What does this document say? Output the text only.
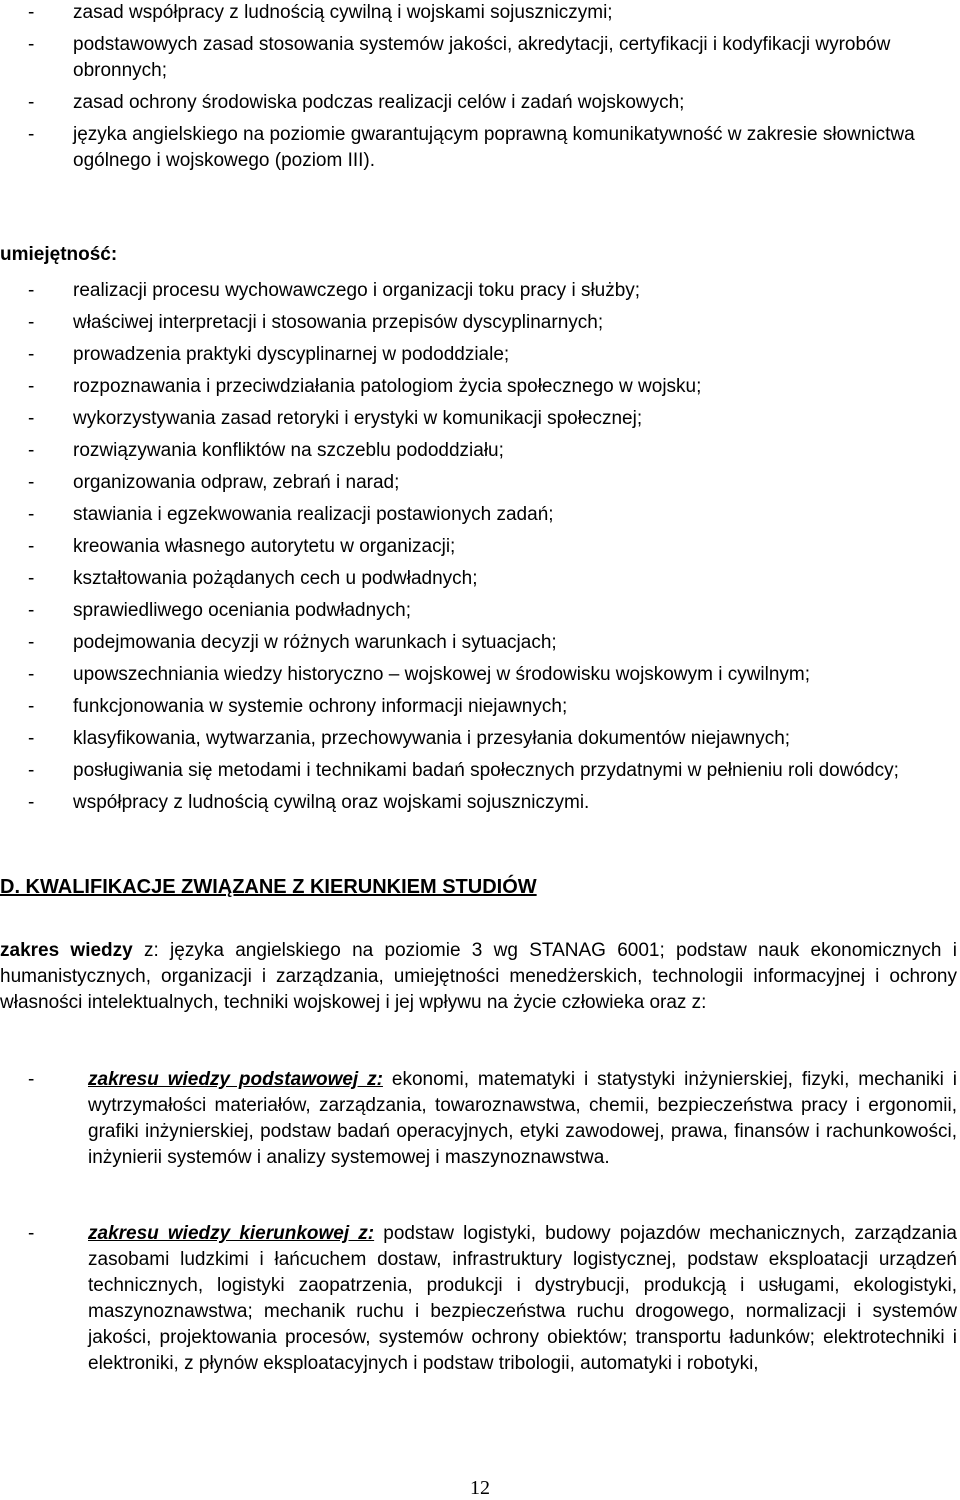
- zasad współpracy z ludnością cywilną i wojskami sojuszniczymi;
- podstawowych zasad stosowania systemów jakości, akredytacji, certyfikacji i kodyfikacji wyrobów obronnych;
- zasad ochrony środowiska podczas realizacji celów i zadań wojskowych;
- języka angielskiego na poziomie gwarantującym poprawną komunikatywność w zakresie słownictwa ogólnego i wojskowego (poziom III).
umiejętność:
- realizacji procesu wychowawczego i organizacji toku pracy i służby;
- właściwej interpretacji i stosowania przepisów dyscyplinarnych;
- prowadzenia praktyki dyscyplinarnej w pododdziale;
- rozpoznawania i przeciwdziałania patologiom życia społecznego w wojsku;
- wykorzystywania zasad retoryki i erystyki w komunikacji społecznej;
- rozwiązywania konfliktów na szczeblu pododdziału;
- organizowania odpraw, zebrań i narad;
- stawiania i egzekwowania realizacji postawionych zadań;
- kreowania własnego autorytetu w organizacji;
- kształtowania pożądanych cech u podwładnych;
- sprawiedliwego oceniania podwładnych;
- podejmowania decyzji w różnych warunkach i sytuacjach;
- upowszechniania wiedzy historyczno – wojskowej w środowisku wojskowym i cywilnym;
- funkcjonowania w systemie ochrony informacji niejawnych;
- klasyfikowania, wytwarzania, przechowywania i przesyłania dokumentów niejawnych;
- posługiwania się metodami i technikami badań społecznych przydatnymi w pełnieniu roli dowódcy;
- współpracy z ludnością cywilną oraz wojskami sojuszniczymi.
D. KWALIFIKACJE ZWIĄZANE Z KIERUNKIEM STUDIÓW

zakres wiedzy z: języka angielskiego na poziomie 3 wg STANAG 6001; podstaw nauk ekonomicznych i humanistycznych, organizacji i zarządzania, umiejętności menedżerskich, technologii informacyjnej i ochrony własności intelektualnych, techniki wojskowej i jej wpływu na życie człowieka oraz z:

-	zakresu wiedzy podstawowej z: ekonomi, matematyki i statystyki inżynierskiej, fizyki, mechaniki i wytrzymałości materiałów, zarządzania, towaroznawstwa, chemii, bezpieczeństwa pracy i ergonomii, grafiki inżynierskiej, podstaw badań operacyjnych, etyki zawodowej, prawa, finansów i rachunkowości, inżynierii systemów i analizy systemowej i maszynoznawstwa.

-	zakresu wiedzy kierunkowej z: podstaw logistyki, budowy pojazdów mechanicznych, zarządzania zasobami ludzkimi i łańcuchem dostaw, infrastruktury logistycznej, podstaw eksploatacji urządzeń technicznych, logistyki zaopatrzenia, produkcji i dystrybucji, produkcją i usługami, ekologistyki, maszynoznawstwa; mechanik ruchu i bezpieczeństwa ruchu drogowego, normalizacji i systemów jakości, projektowania procesów, systemów ochrony obiektów; transportu ładunków; elektrotechniki i elektroniki, z płynów eksploatacyjnych i podstaw tribologii, automatyki i robotyki,

12
